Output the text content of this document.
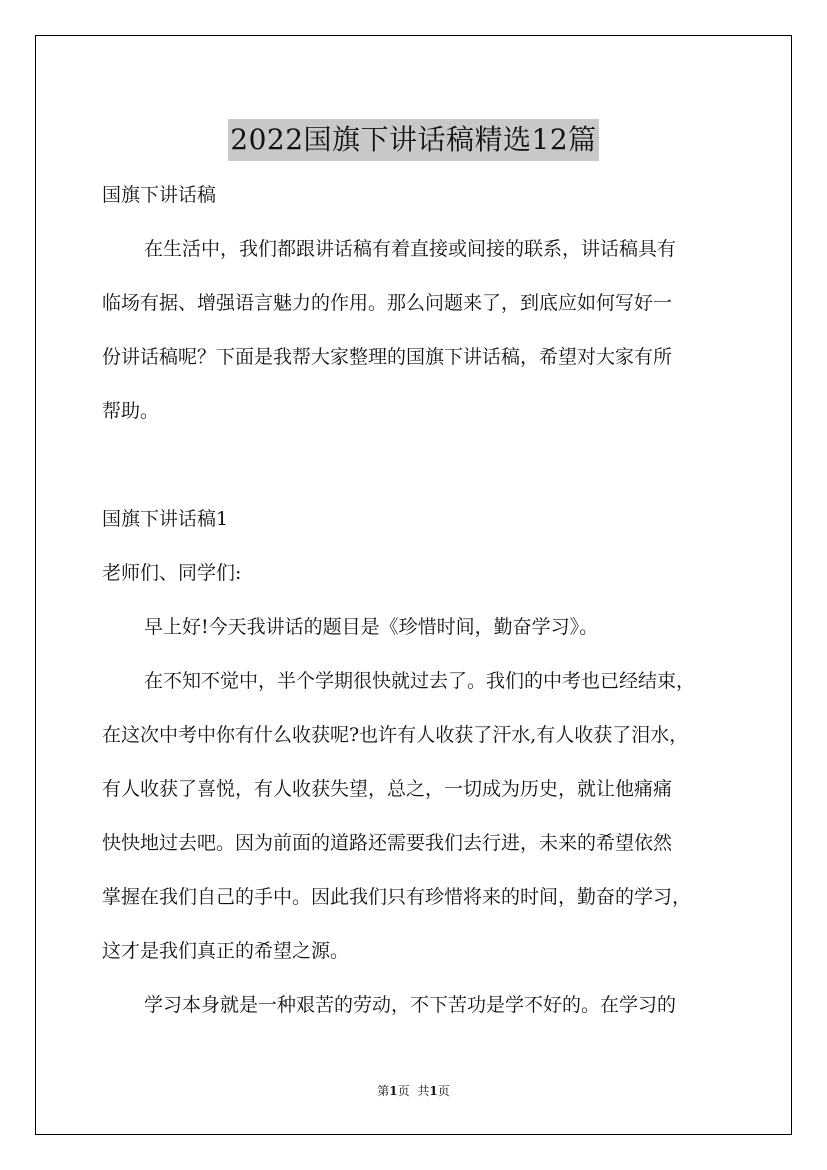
2022国旗下讲话稿精选12篇
国旗下讲话稿
在生活中，我们都跟讲话稿有着直接或间接的联系，讲话稿具有
临场有据、增强语言魅力的作用。那么问题来了，到底应如何写好一
份讲话稿呢？下面是我帮大家整理的国旗下讲话稿，希望对大家有所
帮助。
国旗下讲话稿1
老师们、同学们:
早上好!今天我讲话的题目是《珍惜时间，勤奋学习》。
在不知不觉中，半个学期很快就过去了。我们的中考也已经结束，
在这次中考中你有什么收获呢?也许有人收获了汗水,有人收获了泪水，
有人收获了喜悦，有人收获失望，总之，一切成为历史，就让他痛痛
快快地过去吧。因为前面的道路还需要我们去行进，未来的希望依然
掌握在我们自己的手中。因此我们只有珍惜将来的时间，勤奋的学习，
这才是我们真正的希望之源。
学习本身就是一种艰苦的劳动，不下苦功是学不好的。在学习的
第1页 共1页
